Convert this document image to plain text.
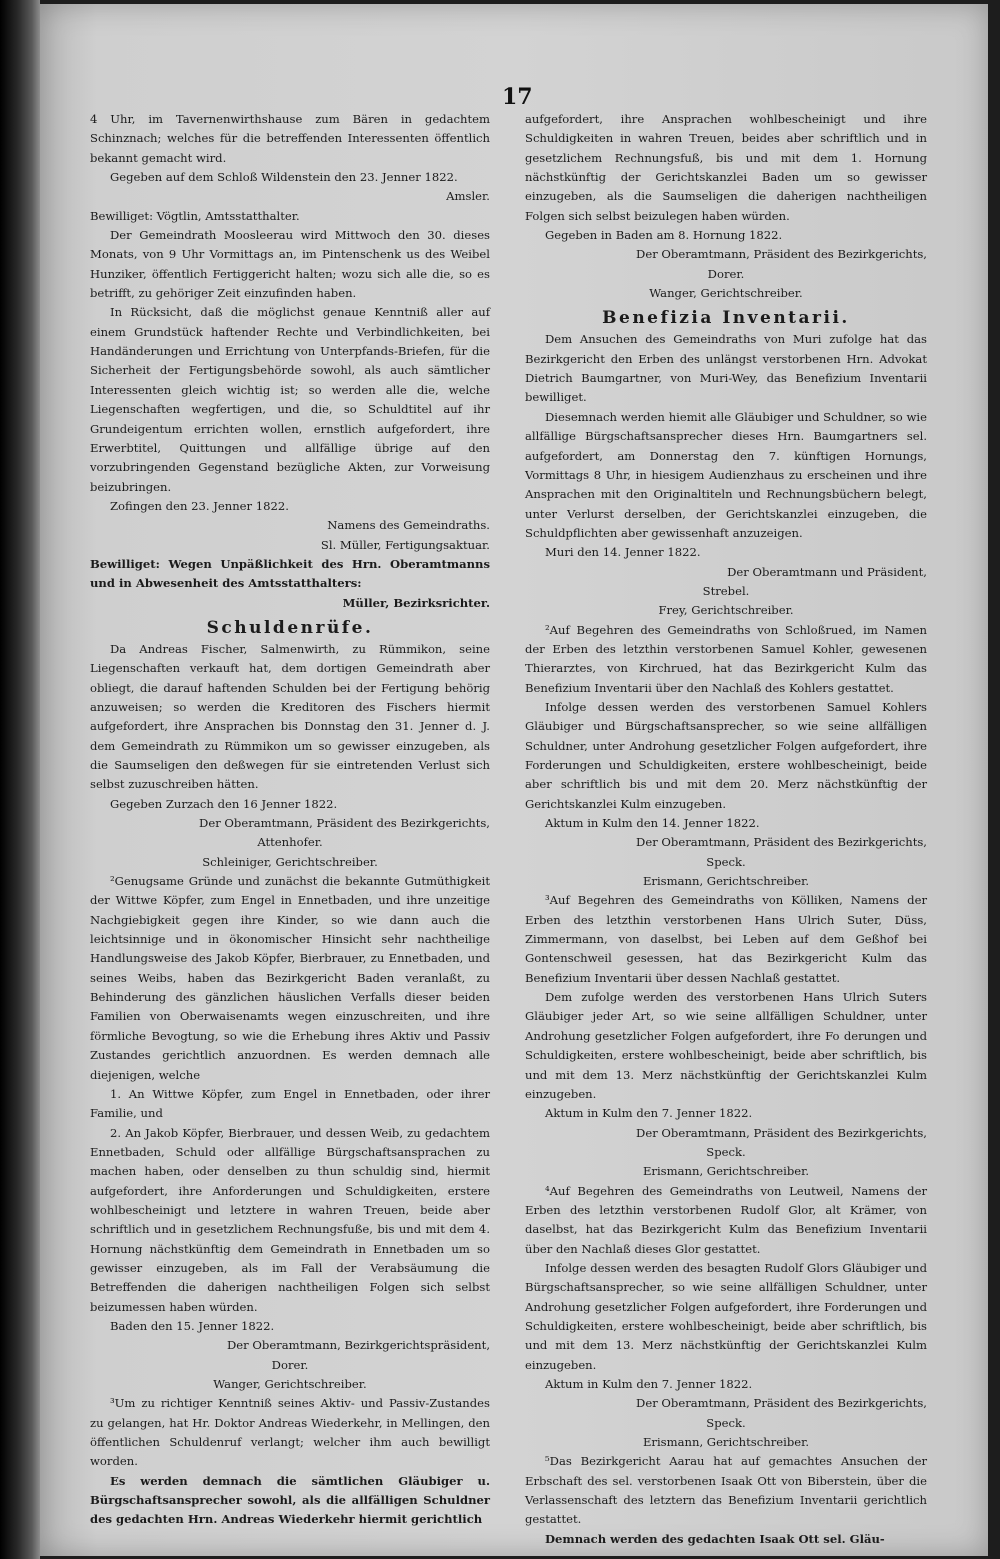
17

4 Uhr, im Tavernenwirthshause zum Bären in gedachtem Schinznach; welches für die betreffenden Interessenten öffentlich bekannt gemacht wird.

Gegeben auf dem Schloß Wildenstein den 23. Jenner 1822.

Amsler.

Bewilliget: Vögtlin, Amtsstatthalter.

Der Gemeindrath Moosleerau wird Mittwoch den 30. dieses Monats, von 9 Uhr Vormittags an, im Pintenschenk us des Weibel Hunziker, öffentlich Fertiggericht halten; wozu sich alle die, so es betrifft, zu gehöriger Zeit einzufinden haben.

In Rücksicht, daß die möglichst genaue Kenntniß aller auf einem Grundstück haftender Rechte und Verbindlichkeiten, bei Handänderungen und Errichtung von Unterpfands-Briefen, für die Sicherheit der Fertigungsbehörde sowohl, als auch sämtlicher Interessenten gleich wichtig ist; so werden alle die, welche Liegenschaften wegfertigen, und die, so Schuldtitel auf ihr Grundeigentum errichten wollen, ernstlich aufgefordert, ihre Erwerbtitel, Quittungen und allfällige übrige auf den vorzubringenden Gegenstand bezügliche Akten, zur Vorweisung beizubringen.

Zofingen den 23. Jenner 1822.

Namens des Gemeindraths.

Sl. Müller, Fertigungsaktuar.

Bewilliget: Wegen Unpäßlichkeit des Hrn. Oberamtmanns und in Abwesenheit des Amtsstatthalters:

Müller, Bezirksrichter.

Schuldenrüfe.

Da Andreas Fischer, Salmenwirth, zu Rümmikon, seine Liegenschaften verkauft hat, dem dortigen Gemeindrath aber obliegt, die darauf haftenden Schulden bei der Fertigung behörig anzuweisen; so werden die Kreditoren des Fischers hiermit aufgefordert, ihre Ansprachen bis Donnstag den 31. Jenner d. J. dem Gemeindrath zu Rümmikon um so gewisser einzugeben, als die Saumseligen den deßwegen für sie eintretenden Verlust sich selbst zuzuschreiben hätten.

Gegeben Zurzach den 16 Jenner 1822.

Der Oberamtmann, Präsident des Bezirkgerichts,

Attenhofer.

Schleiniger, Gerichtschreiber.

²Genugsame Gründe und zunächst die bekannte Gutmüthigkeit der Wittwe Köpfer, zum Engel in Ennetbaden, und ihre unzeitige Nachgiebigkeit gegen ihre Kinder, so wie dann auch die leichtsinnige und in ökonomischer Hinsicht sehr nachtheilige Handlungsweise des Jakob Köpfer, Bierbrauer, zu Ennetbaden, und seines Weibs, haben das Bezirkgericht Baden veranlaßt, zu Behinderung des gänzlichen häuslichen Verfalls dieser beiden Familien von Oberwaisenamts wegen einzuschreiten, und ihre förmliche Bevogtung, so wie die Erhebung ihres Aktiv und Passiv Zustandes gerichtlich anzuordnen. Es werden demnach alle diejenigen, welche

1. An Wittwe Köpfer, zum Engel in Ennetbaden, oder ihrer Familie, und

2. An Jakob Köpfer, Bierbrauer, und dessen Weib, zu gedachtem Ennetbaden, Schuld oder allfällige Bürgschaftsansprachen zu machen haben, oder denselben zu thun schuldig sind, hiermit aufgefordert, ihre Anforderungen und Schuldigkeiten, erstere wohlbescheinigt und letztere in wahren Treuen, beide aber schriftlich und in gesetzlichem Rechnungsfuße, bis und mit dem 4. Hornung nächstkünftig dem Gemeindrath in Ennetbaden um so gewisser einzugeben, als im Fall der Verabsäumung die Betreffenden die daherigen nachtheiligen Folgen sich selbst beizumessen haben würden.

Baden den 15. Jenner 1822.

Der Oberamtmann, Bezirkgerichtspräsident,

Dorer.

Wanger, Gerichtschreiber.

³Um zu richtiger Kenntniß seines Aktiv- und Passiv-Zustandes zu gelangen, hat Hr. Doktor Andreas Wiederkehr, in Mellingen, den öffentlichen Schuldenruf verlangt; welcher ihm auch bewilligt worden.

Es werden demnach die sämtlichen Gläubiger u. Bürgschaftsansprecher sowohl, als die allfälligen Schuldner des gedachten Hrn. Andreas Wiederkehr hiermit gerichtlich

aufgefordert, ihre Ansprachen wohlbescheinigt und ihre Schuldigkeiten in wahren Treuen, beides aber schriftlich und in gesetzlichem Rechnungsfuß, bis und mit dem 1. Hornung nächstkünftig der Gerichtskanzlei Baden um so gewisser einzugeben, als die Saumseligen die daherigen nachtheiligen Folgen sich selbst beizulegen haben würden.

Gegeben in Baden am 8. Hornung 1822.

Der Oberamtmann, Präsident des Bezirkgerichts,

Dorer.

Wanger, Gerichtschreiber.

Benefizia Inventarii.

Dem Ansuchen des Gemeindraths von Muri zufolge hat das Bezirkgericht den Erben des unlängst verstorbenen Hrn. Advokat Dietrich Baumgartner, von Muri-Wey, das Benefizium Inventarii bewilliget.

Diesemnach werden hiemit alle Gläubiger und Schuldner, so wie allfällige Bürgschaftsansprecher dieses Hrn. Baumgartners sel. aufgefordert, am Donnerstag den 7. künftigen Hornungs, Vormittags 8 Uhr, in hiesigem Audienzhaus zu erscheinen und ihre Ansprachen mit den Originaltiteln und Rechnungsbüchern belegt, unter Verlurst derselben, der Gerichtskanzlei einzugeben, die Schuldpflichten aber gewissenhaft anzuzeigen.

Muri den 14. Jenner 1822.

Der Oberamtmann und Präsident,

Strebel.

Frey, Gerichtschreiber.

²Auf Begehren des Gemeindraths von Schloßrued, im Namen der Erben des letzthin verstorbenen Samuel Kohler, gewesenen Thierarztes, von Kirchrued, hat das Bezirkgericht Kulm das Benefizium Inventarii über den Nachlaß des Kohlers gestattet.

Infolge dessen werden des verstorbenen Samuel Kohlers Gläubiger und Bürgschaftsansprecher, so wie seine allfälligen Schuldner, unter Androhung gesetzlicher Folgen aufgefordert, ihre Forderungen und Schuldigkeiten, erstere wohlbescheinigt, beide aber schriftlich bis und mit dem 20. Merz nächstkünftig der Gerichtskanzlei Kulm einzugeben.

Aktum in Kulm den 14. Jenner 1822.

Der Oberamtmann, Präsident des Bezirkgerichts,

Speck.

Erismann, Gerichtschreiber.

³Auf Begehren des Gemeindraths von Kölliken, Namens der Erben des letzthin verstorbenen Hans Ulrich Suter, Düss, Zimmermann, von daselbst, bei Leben auf dem Geßhof bei Gontenschweil gesessen, hat das Bezirkgericht Kulm das Benefizium Inventarii über dessen Nachlaß gestattet.

Dem zufolge werden des verstorbenen Hans Ulrich Suters Gläubiger jeder Art, so wie seine allfälligen Schuldner, unter Androhung gesetzlicher Folgen aufgefordert, ihre Fo derungen und Schuldigkeiten, erstere wohlbescheinigt, beide aber schriftlich, bis und mit dem 13. Merz nächstkünftig der Gerichtskanzlei Kulm einzugeben.

Aktum in Kulm den 7. Jenner 1822.

Der Oberamtmann, Präsident des Bezirkgerichts,

Speck.

Erismann, Gerichtschreiber.

⁴Auf Begehren des Gemeindraths von Leutweil, Namens der Erben des letzthin verstorbenen Rudolf Glor, alt Krämer, von daselbst, hat das Bezirkgericht Kulm das Benefizium Inventarii über den Nachlaß dieses Glor gestattet.

Infolge dessen werden des besagten Rudolf Glors Gläubiger und Bürgschaftsansprecher, so wie seine allfälligen Schuldner, unter Androhung gesetzlicher Folgen aufgefordert, ihre Forderungen und Schuldigkeiten, erstere wohlbescheinigt, beide aber schriftlich, bis und mit dem 13. Merz nächstkünftig der Gerichtskanzlei Kulm einzugeben.

Aktum in Kulm den 7. Jenner 1822.

Der Oberamtmann, Präsident des Bezirkgerichts,

Speck.

Erismann, Gerichtschreiber.

⁵Das Bezirkgericht Aarau hat auf gemachtes Ansuchen der Erbschaft des sel. verstorbenen Isaak Ott von Biberstein, über die Verlassenschaft des letztern das Benefizium Inventarii gerichtlich gestattet.

Demnach werden des gedachten Isaak Ott sel. Gläu-
